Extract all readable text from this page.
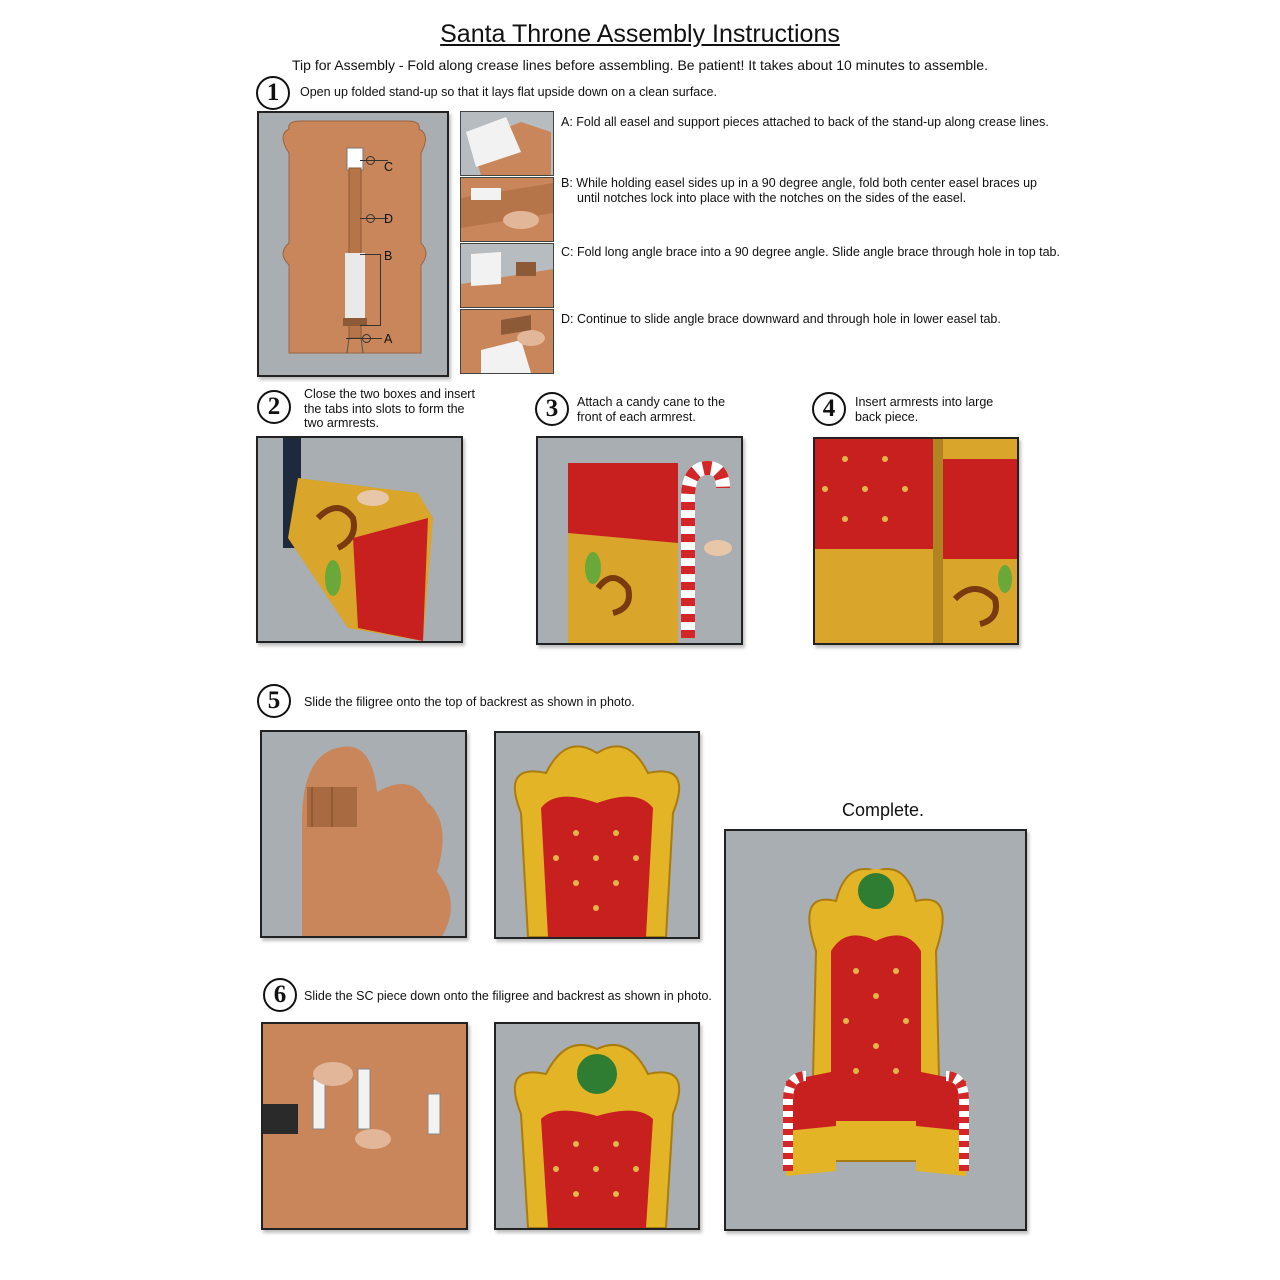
Santa Throne Assembly Instructions
Tip for Assembly - Fold along crease lines before assembling. Be patient! It takes about 10 minutes to assemble.
1	Open up folded stand-up so that it lays flat upside down on a clean surface.
C
D
B
A
A: Fold all easel and support pieces attached to back of the stand-up along crease lines.
B: While holding easel sides up in a 90 degree angle, fold both center easel braces up
until notches lock into place with the notches on the sides of the easel.
C: Fold long angle brace into a 90 degree angle. Slide angle brace through hole in top tab.
D: Continue to slide angle brace downward and through hole in lower easel tab.
2	Close the two boxes and insert the tabs into slots to form the two armrests.
3	Attach a candy cane to the front of each armrest.	4	Insert armrests into large back piece.
5	Slide the filigree onto the top of backrest as shown in photo.
Complete.
6	Slide the SC piece down onto the filigree and backrest as shown in photo.
